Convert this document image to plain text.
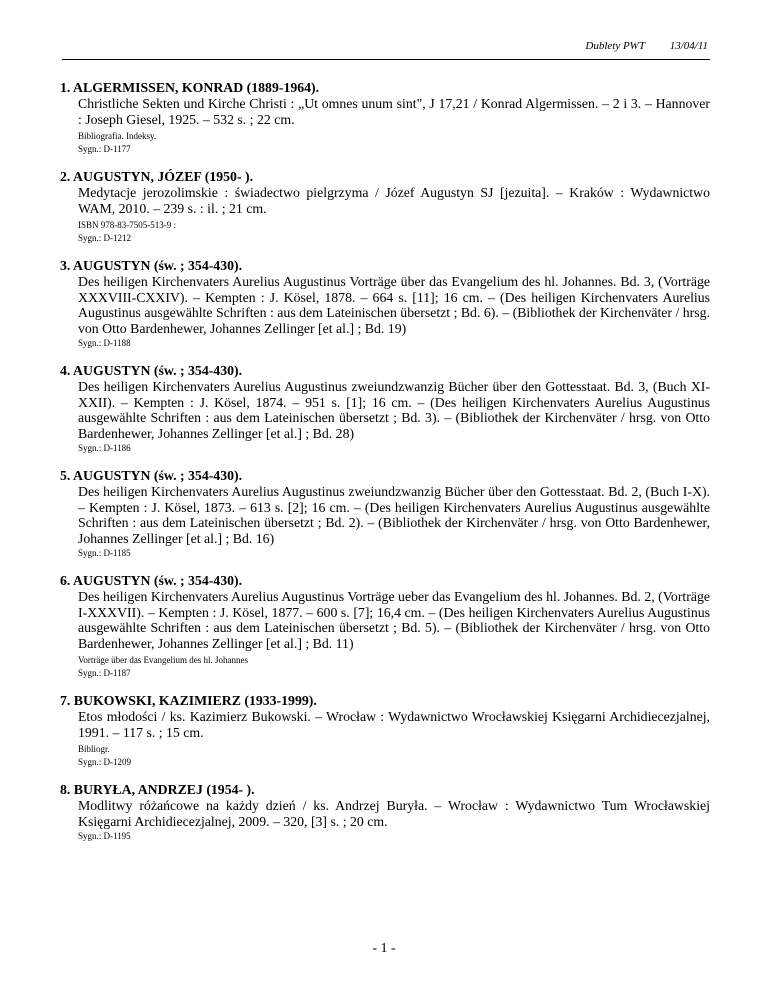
Dublety PWT 13/04/11
1. ALGERMISSEN, KONRAD (1889-1964).
Christliche Sekten und Kirche Christi : „Ut omnes unum sint", J 17,21 / Konrad Algermissen. – 2 i 3. – Hannover : Joseph Giesel, 1925. – 532 s. ; 22 cm.
Bibliografia. Indeksy.
Sygn.: D-1177
2. AUGUSTYN, JÓZEF (1950- ).
Medytacje jerozolimskie : świadectwo pielgrzyma / Józef Augustyn SJ [jezuita]. – Kraków : Wydawnictwo WAM, 2010. – 239 s. : il. ; 21 cm.
ISBN 978-83-7505-513-9 :
Sygn.: D-1212
3. AUGUSTYN (św. ; 354-430).
Des heiligen Kirchenvaters Aurelius Augustinus Vorträge über das Evangelium des hl. Johannes. Bd. 3, (Vorträge XXXVIII-CXXIV). – Kempten : J. Kösel, 1878. – 664 s. [11]; 16 cm. – (Des heiligen Kirchenvaters Aurelius Augustinus ausgewählte Schriften : aus dem Lateinischen übersetzt ; Bd. 6). – (Bibliothek der Kirchenväter / hrsg. von Otto Bardenhewer, Johannes Zellinger [et al.] ; Bd. 19)
Sygn.: D-1188
4. AUGUSTYN (św. ; 354-430).
Des heiligen Kirchenvaters Aurelius Augustinus zweiundzwanzig Bücher über den Gottesstaat. Bd. 3, (Buch XI-XXII). – Kempten : J. Kösel, 1874. – 951 s. [1]; 16 cm. – (Des heiligen Kirchenvaters Aurelius Augustinus ausgewählte Schriften : aus dem Lateinischen übersetzt ; Bd. 3). – (Bibliothek der Kirchenväter / hrsg. von Otto Bardenhewer, Johannes Zellinger [et al.] ; Bd. 28)
Sygn.: D-1186
5. AUGUSTYN (św. ; 354-430).
Des heiligen Kirchenvaters Aurelius Augustinus zweiundzwanzig Bücher über den Gottesstaat. Bd. 2, (Buch I-X). – Kempten : J. Kösel, 1873. – 613 s. [2]; 16 cm. – (Des heiligen Kirchenvaters Aurelius Augustinus ausgewählte Schriften : aus dem Lateinischen übersetzt ; Bd. 2). – (Bibliothek der Kirchenväter / hrsg. von Otto Bardenhewer, Johannes Zellinger [et al.] ; Bd. 16)
Sygn.: D-1185
6. AUGUSTYN (św. ; 354-430).
Des heiligen Kirchenvaters Aurelius Augustinus Vorträge ueber das Evangelium des hl. Johannes. Bd. 2, (Vorträge I-XXXVII). – Kempten : J. Kösel, 1877. – 600 s. [7]; 16,4 cm. – (Des heiligen Kirchenvaters Aurelius Augustinus ausgewählte Schriften : aus dem Lateinischen übersetzt ; Bd. 5). – (Bibliothek der Kirchenväter / hrsg. von Otto Bardenhewer, Johannes Zellinger [et al.] ; Bd. 11)
Vorträge über das Evangelium des hl. Johannes
Sygn.: D-1187
7. BUKOWSKI, KAZIMIERZ (1933-1999).
Etos młodości / ks. Kazimierz Bukowski. – Wrocław : Wydawnictwo Wrocławskiej Księgarni Archidiecezjalnej, 1991. – 117 s. ; 15 cm.
Bibliogr.
Sygn.: D-1209
8. BURYŁA, ANDRZEJ (1954- ).
Modlitwy różańcowe na każdy dzień / ks. Andrzej Buryła. – Wrocław : Wydawnictwo Tum Wrocławskiej Księgarni Archidiecezjalnej, 2009. – 320, [3] s. ; 20 cm.
Sygn.: D-1195
- 1 -
